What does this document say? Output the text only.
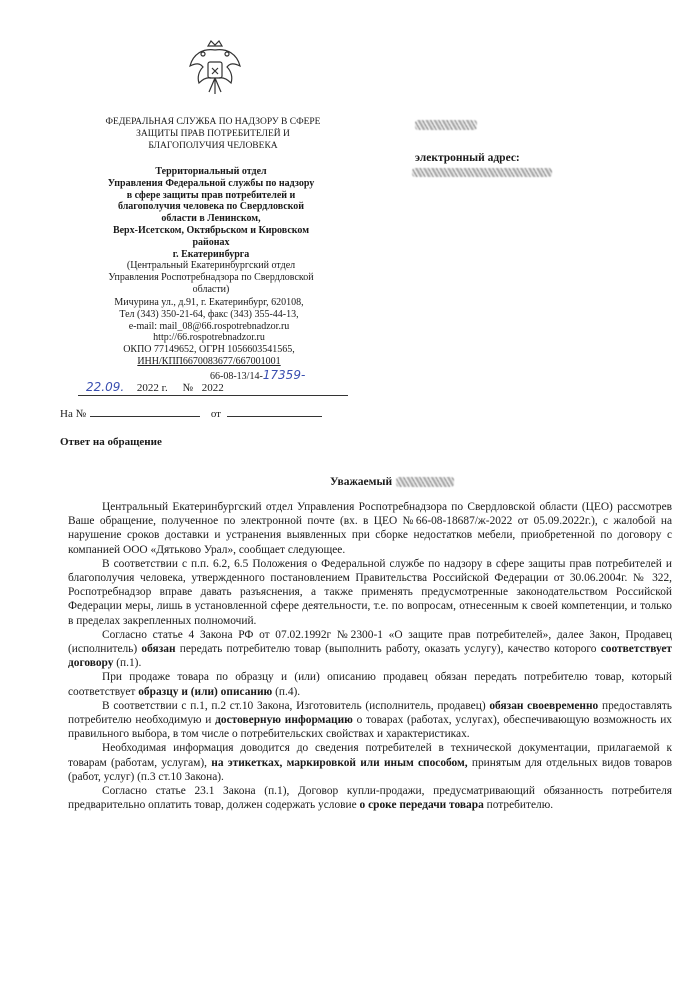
ФЕДЕРАЛЬНАЯ СЛУЖБА ПО НАДЗОРУ В СФЕРЕ
ЗАЩИТЫ ПРАВ ПОТРЕБИТЕЛЕЙ И
БЛАГОПОЛУЧИЯ ЧЕЛОВЕКА
Территориальный отдел
Управления Федеральной службы по надзору
в сфере защиты прав потребителей и
благополучия человека по Свердловской
области в Ленинском,
Верх-Исетском, Октябрьском и Кировском
районах
г. Екатеринбурга
(Центральный Екатеринбургский отдел
Управления Роспотребнадзора по Свердловской
области)
Мичурина ул., д.91, г. Екатеринбург, 620108,
Тел (343) 350-21-64, факс (343) 355-44-13,
e-mail: mail_08@66.rospotrebnadzor.ru
http://66.rospotrebnadzor.ru
ОКПО 77149652, ОГРН 1056603541565,
ИНН/КПП6670083677/667001001
66-08-13/14-17359-
22.09. 2022 г. № 2022
На №	от
Ответ на обращение
электронный адрес:
Уважаемый

Центральный Екатеринбургский отдел Управления Роспотребнадзора по Свердловской области (ЦЕО) рассмотрев Ваше обращение, полученное по электронной почте (вх. в ЦЕО №66-08-18687/ж-2022 от 05.09.2022г.), с жалобой на нарушение сроков доставки и устранения выявленных при сборке недостатков мебели, приобретенной по договору с компанией ООО «Дятьково Урал», сообщает следующее.

В соответствии с п.п. 6.2, 6.5 Положения о Федеральной службе по надзору в сфере защиты прав потребителей и благополучия человека, утвержденного постановлением Правительства Российской Федерации от 30.06.2004г. № 322, Роспотребнадзор вправе давать разъяснения, а также применять предусмотренные законодательством Российской Федерации меры, лишь в установленной сфере деятельности, т.е. по вопросам, отнесенным к своей компетенции, и только в пределах закрепленных полномочий.

Согласно статье 4 Закона РФ от 07.02.1992г №2300-1 «О защите прав потребителей», далее Закон, Продавец (исполнитель) обязан передать потребителю товар (выполнить работу, оказать услугу), качество которого соответствует договору (п.1).

При продаже товара по образцу и (или) описанию продавец обязан передать потребителю товар, который соответствует образцу и (или) описанию (п.4).

В соответствии с п.1, п.2 ст.10 Закона, Изготовитель (исполнитель, продавец) обязан своевременно предоставлять потребителю необходимую и достоверную информацию о товарах (работах, услугах), обеспечивающую возможность их правильного выбора, в том числе о потребительских свойствах и характеристиках.

Необходимая информация доводится до сведения потребителей в технической документации, прилагаемой к товарам (работам, услугам), на этикетках, маркировкой или иным способом, принятым для отдельных видов товаров (работ, услуг) (п.3 ст.10 Закона).

Согласно статье 23.1 Закона (п.1), Договор купли-продажи, предусматривающий обязанность потребителя предварительно оплатить товар, должен содержать условие о сроке передачи товара потребителю.
